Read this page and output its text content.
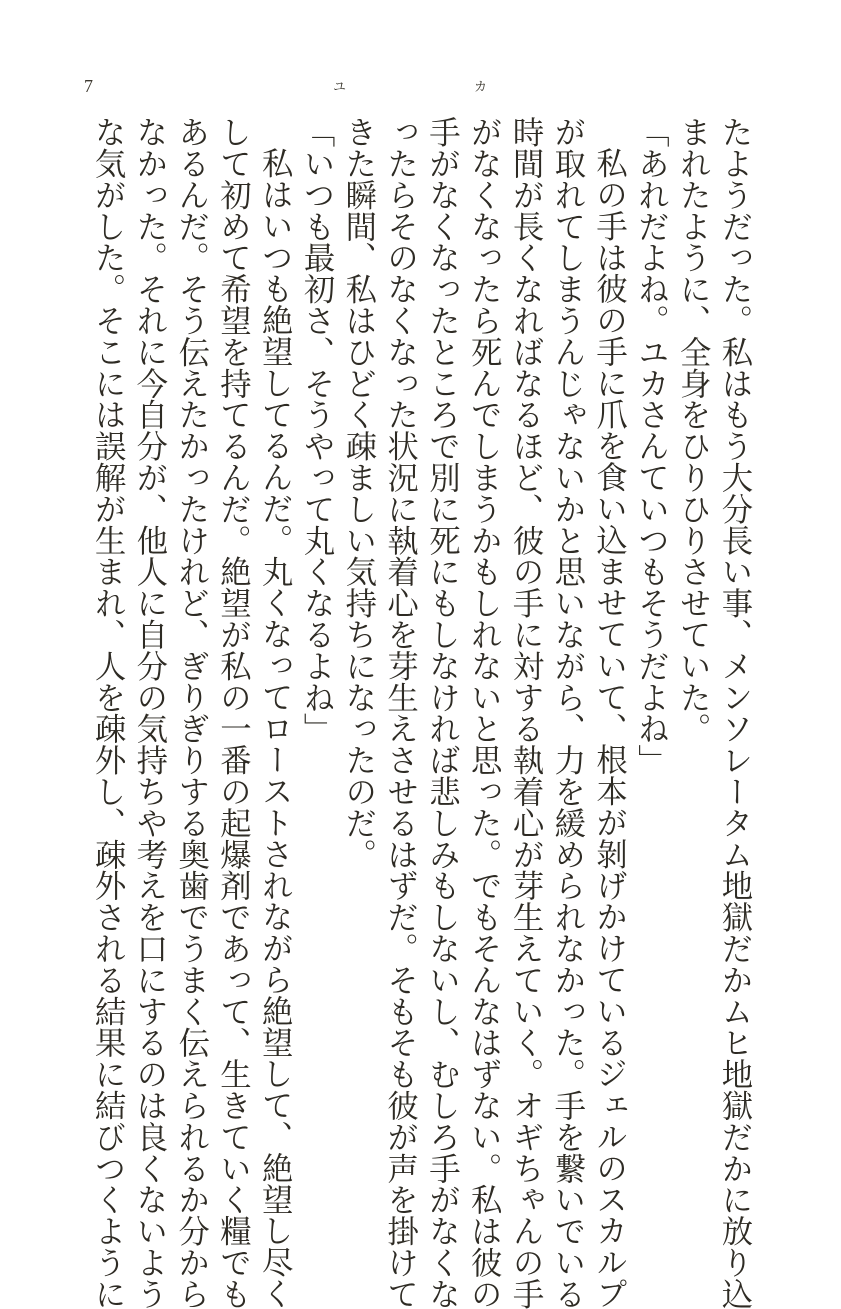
7	ユ	カ

たようだった。私はもう大分長い事、メンソレータム地獄だかムヒ地獄だかに放り込

まれたように、全身をひりひりさせていた。

「あれだよね。ユカさんていつもそうだよね」

私の手は彼の手に爪を食い込ませていて、根本が剝げかけているジェルのスカルプ

が取れてしまうんじゃないかと思いながら、力を緩められなかった。手を繋いでいる

時間が長くなればなるほど、彼の手に対する執着心が芽生えていく。オギちゃんの手

がなくなったら死んでしまうかもしれないと思った。でもそんなはずない。私は彼の

手がなくなったところで別に死にもしなければ悲しみもしないし、むしろ手がなくな

ったらそのなくなった状況に執着心を芽生えさせるはずだ。そもそも彼が声を掛けて

きた瞬間、私はひどく疎ましい気持ちになったのだ。

「いつも最初さ、そうやって丸くなるよね」

私はいつも絶望してるんだ。丸くなってローストされながら絶望して、絶望し尽く

して初めて希望を持てるんだ。絶望が私の一番の起爆剤であって、生きていく糧でも

あるんだ。そう伝えたかったけれど、ぎりぎりする奥歯でうまく伝えられるか分から

なかった。それに今自分が、他人に自分の気持ちや考えを口にするのは良くないよう

な気がした。そこには誤解が生まれ、人を疎外し、疎外される結果に結びつくように
